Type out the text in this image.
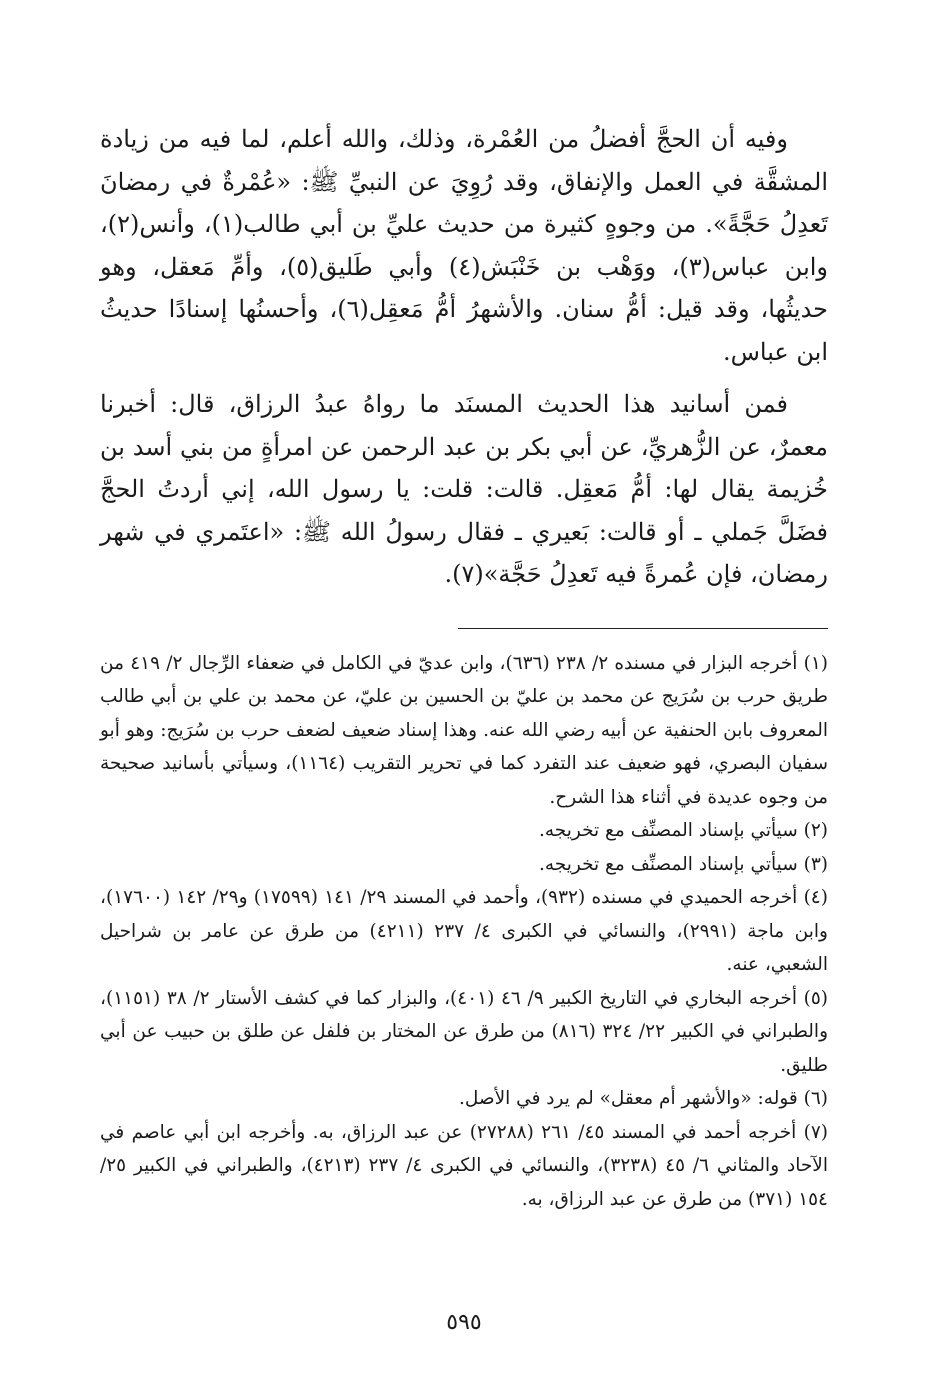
وفيه أن الحجَّ أفضلُ من العُمْرة، وذلك، والله أعلم، لما فيه من زيادة المشقَّة في العمل والإنفاق، وقد رُوِيَ عن النبيِّ ﷺ: «عُمْرةٌ في رمضانَ تَعدِلُ حَجَّةً». من وجوهٍ كثيرة من حديث عليِّ بن أبي طالب(١)، وأنس(٢)، وابن عباس(٣)، ووَهْب بن خَنْبَش(٤) وأبي طَليق(٥)، وأمِّ مَعقل، وهو حديثُها، وقد قيل: أمُّ سنان. والأشهرُ أمُّ مَعقِل(٦)، وأحسنُها إسنادًا حديثُ ابن عباس.

فمن أسانيد هذا الحديث المسنَد ما رواهُ عبدُ الرزاق، قال: أخبرنا معمرٌ، عن الزُّهريِّ، عن أبي بكر بن عبد الرحمن عن امرأةٍ من بني أسد بن خُزيمة يقال لها: أمُّ مَعقِل. قالت: قلت: يا رسول الله، إني أردتُ الحجَّ فضَلَّ جَملي ـ أو قالت: بَعيري ـ فقال رسولُ الله ﷺ: «اعتَمري في شهر رمضان، فإن عُمرةً فيه تَعدِلُ حَجَّة»(٧).

(١) أخرجه البزار في مسنده ٢/ ٢٣٨ (٦٣٦)، وابن عديّ في الكامل في ضعفاء الرِّجال ٢/ ٤١٩ من طريق حرب بن سُرَيج عن محمد بن عليّ بن الحسين بن عليّ، عن محمد بن علي بن أبي طالب المعروف بابن الحنفية عن أبيه رضي الله عنه. وهذا إسناد ضعيف لضعف حرب بن سُرَيج: وهو أبو سفيان البصري، فهو ضعيف عند التفرد كما في تحرير التقريب (١١٦٤)، وسيأتي بأسانيد صحيحة من وجوه عديدة في أثناء هذا الشرح.
(٢) سيأتي بإسناد المصنِّف مع تخريجه.
(٣) سيأتي بإسناد المصنِّف مع تخريجه.
(٤) أخرجه الحميدي في مسنده (٩٣٢)، وأحمد في المسند ٢٩/ ١٤١ (١٧٥٩٩) و٢٩/ ١٤٢ (١٧٦٠٠)، وابن ماجة (٢٩٩١)، والنسائي في الكبرى ٤/ ٢٣٧ (٤٢١١) من طرق عن عامر بن شراحيل الشعبي، عنه.
(٥) أخرجه البخاري في التاريخ الكبير ٩/ ٤٦ (٤٠١)، والبزار كما في كشف الأستار ٢/ ٣٨ (١١٥١)، والطبراني في الكبير ٢٢/ ٣٢٤ (٨١٦) من طرق عن المختار بن فلفل عن طلق بن حبيب عن أبي طليق.
(٦) قوله: «والأشهر أم معقل» لم يرد في الأصل.
(٧) أخرجه أحمد في المسند ٤٥/ ٢٦١ (٢٧٢٨٨) عن عبد الرزاق، به. وأخرجه ابن أبي عاصم في الآحاد والمثاني ٦/ ٤٥ (٣٢٣٨)، والنسائي في الكبرى ٤/ ٢٣٧ (٤٢١٣)، والطبراني في الكبير ٢٥/ ١٥٤ (٣٧١) من طرق عن عبد الرزاق، به.
٥٩٥
